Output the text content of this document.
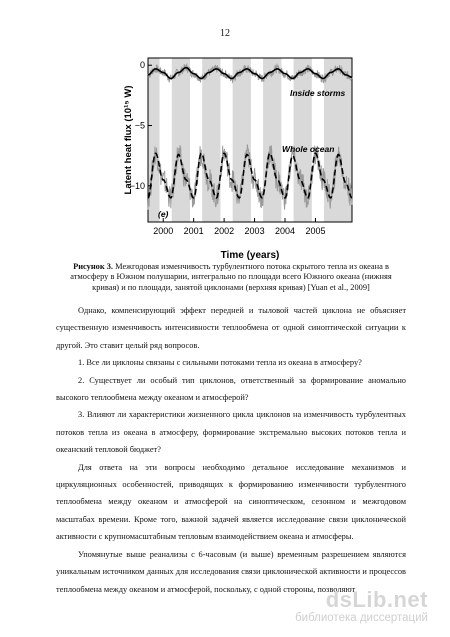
12
0
−5
−10
2000 2001 2002 2003 2004 2005
Inside storms
Whole ocean
(e)
Time (years)
Latent heat flux (10¹⁵ W)
Рисунок 3. Межгодовая изменчивость турбулентного потока скрытого тепла из океана в атмосферу в Южном полушарии, интегрально по площади всего Южного океана (нижняя кривая) и по площади, занятой циклонами (верхняя кривая) [Yuan et al., 2009]

Однако, компенсирующий эффект передней и тыловой частей циклона не объясняет существенную изменчивость интенсивности теплообмена от одной синоптической ситуации к другой. Это ставит целый ряд вопросов.

1. Все ли циклоны связаны с сильными потоками тепла из океана в атмосферу?

2. Существует ли особый тип циклонов, ответственный за формирование аномально высокого теплообмена между океаном и атмосферой?

3. Влияют ли характеристики жизненного цикла циклонов на изменчивость турбулентных потоков тепла из океана в атмосферу, формирование экстремально высоких потоков тепла и океанский тепловой бюджет?

Для ответа на эти вопросы необходимо детальное исследование механизмов и циркуляционных особенностей, приводящих к формированию изменчивости турбулентного теплообмена между океаном и атмосферой на синоптическом, сезонном и межгодовом масштабах времени. Кроме того, важной задачей является исследование связи циклонической активности с крупномасштабным тепловым взаимодействием океана и атмосферы.

Упомянутые выше реанализы с 6-часовым (и выше) временным разрешением являются уникальным источником данных для исследования связи циклонической активности и процессов теплообмена между океаном и атмосферой, поскольку, с одной стороны, позволяют

dsLib.net
библиотека диссертаций
